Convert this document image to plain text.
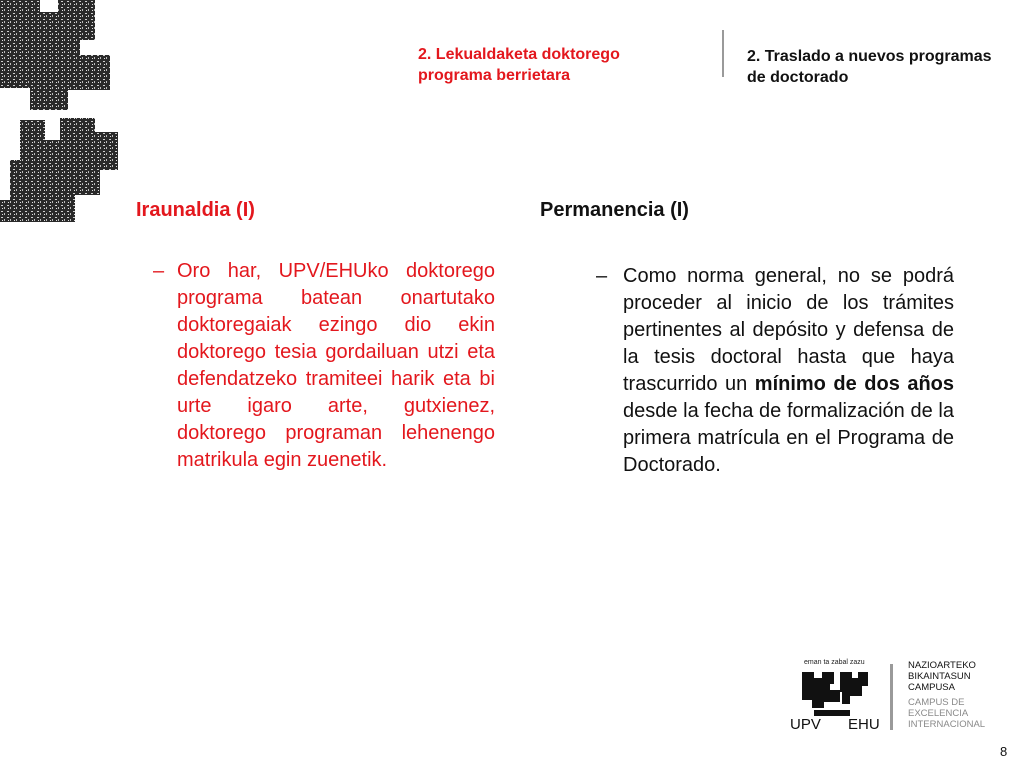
2. Lekualdaketa doktorego programa berrietara
2. Traslado a nuevos programas de doctorado
Iraunaldia (I)	Permanencia (I)
– Oro har, UPV/EHUko doktorego programa batean onartutako doktoregaiak ezingo dio ekin doktorego tesia gordailuan utzi eta defendatzeko tramiteei harik eta bi urte igaro arte, gutxienez, doktorego programan lehenengo matrikula egin zuenetik.
– Como norma general, no se podrá proceder al inicio de los trámites pertinentes al depósito y defensa de la tesis doctoral hasta que haya trascurrido un mínimo de dos años desde la fecha de formalización de la primera matrícula en el Programa de Doctorado.
eman ta zabal zazu
UPV EHU
NAZIOARTEKO
BIKAINTASUN
CAMPUSA
CAMPUS DE
EXCELENCIA
INTERNACIONAL
8
